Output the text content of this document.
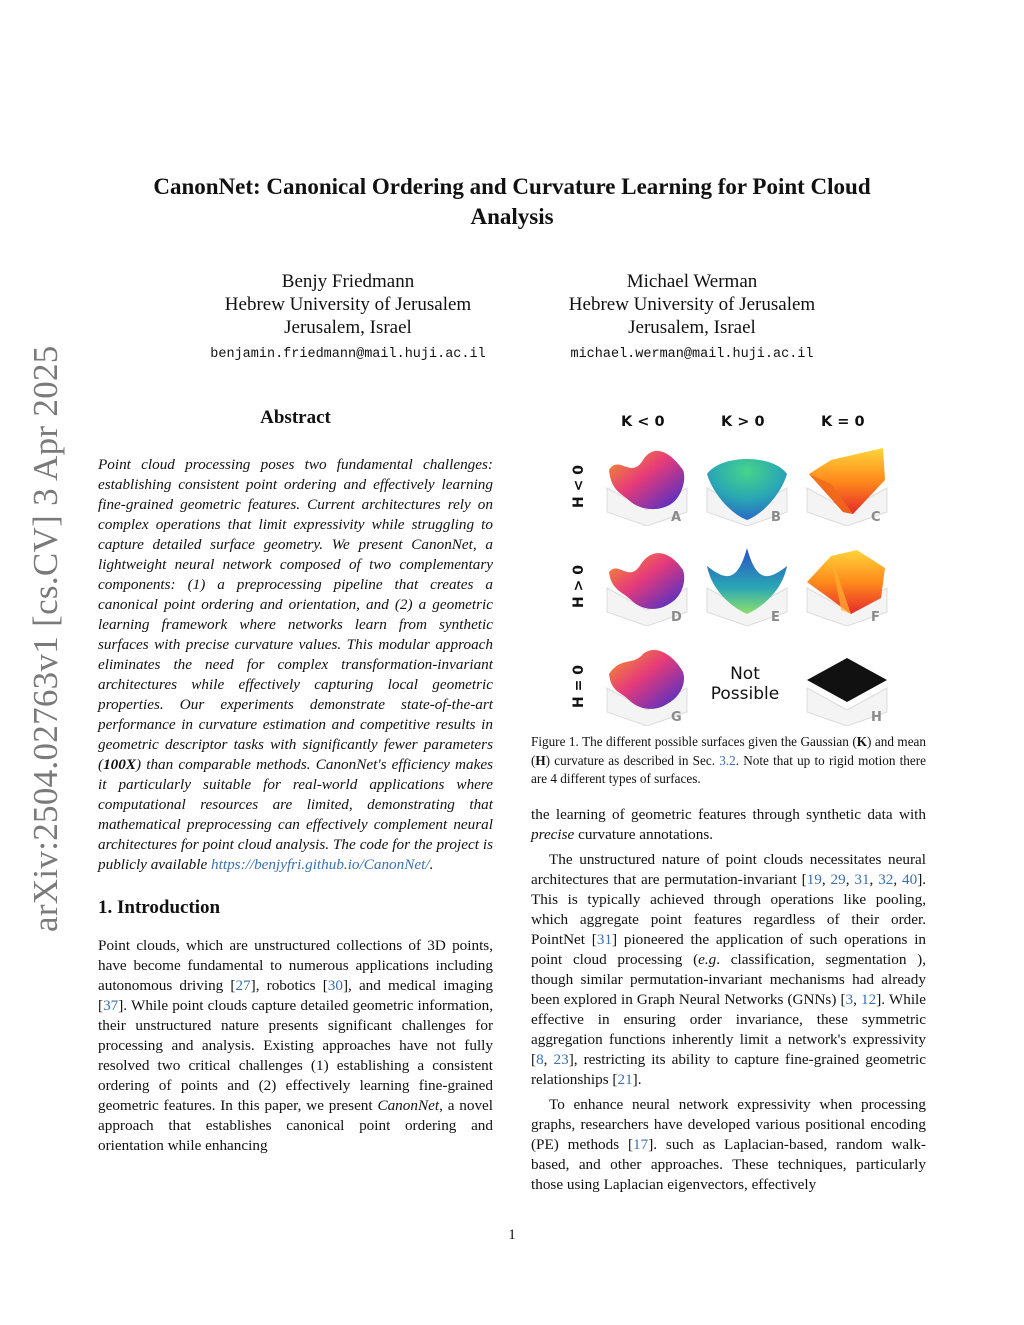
arXiv:2504.02763v1 [cs.CV] 3 Apr 2025
CanonNet: Canonical Ordering and Curvature Learning for Point Cloud
Analysis
Benjy Friedmann
Hebrew University of Jerusalem
Jerusalem, Israel
benjamin.friedmann@mail.huji.ac.il
Michael Werman
Hebrew University of Jerusalem
Jerusalem, Israel
michael.werman@mail.huji.ac.il
Abstract
Point cloud processing poses two fundamental challenges: establishing consistent point ordering and effectively learning fine-grained geometric features. Current architectures rely on complex operations that limit expressivity while struggling to capture detailed surface geometry. We present CanonNet, a lightweight neural network composed of two complementary components: (1) a preprocessing pipeline that creates a canonical point ordering and orientation, and (2) a geometric learning framework where networks learn from synthetic surfaces with precise curvature values. This modular approach eliminates the need for complex transformation-invariant architectures while effectively capturing local geometric properties. Our experiments demonstrate state-of-the-art performance in curvature estimation and competitive results in geometric descriptor tasks with significantly fewer parameters (100X) than comparable methods. CanonNet's efficiency makes it particularly suitable for real-world applications where computational resources are limited, demonstrating that mathematical preprocessing can effectively complement neural architectures for point cloud analysis. The code for the project is publicly available https://benjyfri.github.io/CanonNet/.
1. Introduction
Point clouds, which are unstructured collections of 3D points, have become fundamental to numerous applications including autonomous driving [27], robotics [30], and medical imaging [37]. While point clouds capture detailed geometric information, their unstructured nature presents significant challenges for processing and analysis. Existing approaches have not fully resolved two critical challenges (1) establishing a consistent ordering of points and (2) effectively learning fine-grained geometric features. In this paper, we present CanonNet, a novel approach that establishes canonical point ordering and orientation while enhancing
K < 0	K > 0	K = 0
H < 0
H > 0
H = 0
A	B	C
D	E	F
G
Not
Possible
H
Figure 1. The different possible surfaces given the Gaussian (K) and mean (H) curvature as described in Sec. 3.2. Note that up to rigid motion there are 4 different types of surfaces.
the learning of geometric features through synthetic data with precise curvature annotations.
The unstructured nature of point clouds necessitates neural architectures that are permutation-invariant [19, 29, 31, 32, 40]. This is typically achieved through operations like pooling, which aggregate point features regardless of their order. PointNet [31] pioneered the application of such operations in point cloud processing (e.g. classification, segmentation ), though similar permutation-invariant mechanisms had already been explored in Graph Neural Networks (GNNs) [3, 12]. While effective in ensuring order invariance, these symmetric aggregation functions inherently limit a network's expressivity [8, 23], restricting its ability to capture fine-grained geometric relationships [21].
To enhance neural network expressivity when processing graphs, researchers have developed various positional encoding (PE) methods [17]. such as Laplacian-based, random walk-based, and other approaches. These techniques, particularly those using Laplacian eigenvectors, effectively
1
